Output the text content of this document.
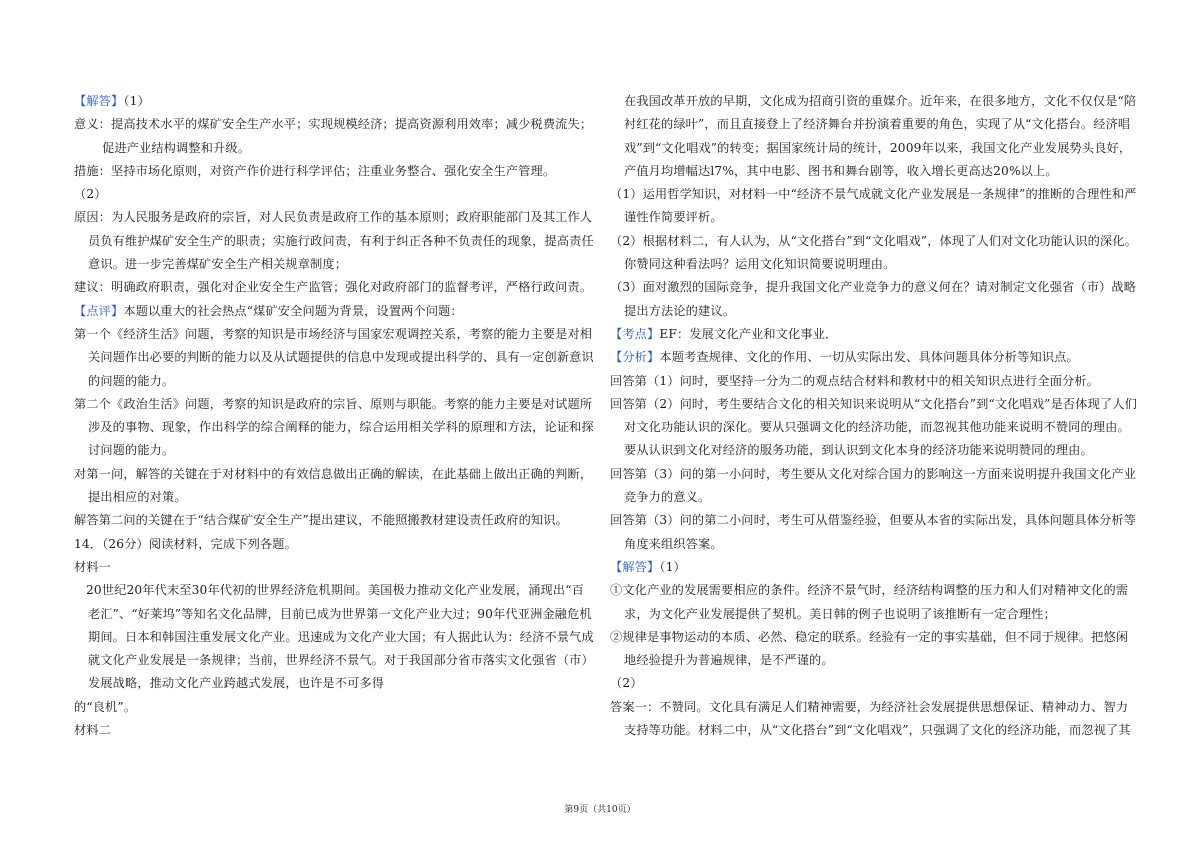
【解答】（1）
意义：提高技术水平的煤矿安全生产水平；实现规模经济；提高资源利用效率；减少税费流失；
促进产业结构调整和升级。
措施：坚持市场化原则，对资产作价进行科学评估；注重业务整合、强化安全生产管理。
（2）
原因：为人民服务是政府的宗旨，对人民负责是政府工作的基本原则；政府职能部门及其工作人
员负有维护煤矿安全生产的职责；实施行政问责，有利于纠正各种不负责任的现象，提高责任
意识。进一步完善煤矿安全生产相关规章制度；
建议：明确政府职责，强化对企业安全生产监管；强化对政府部门的监督考评，严格行政问责。
【点评】本题以重大的社会热点“煤矿安全问题为背景，设置两个问题：
第一个《经济生活》问题，考察的知识是市场经济与国家宏观调控关系，考察的能力主要是对相
关问题作出必要的判断的能力以及从试题提供的信息中发现或提出科学的、具有一定创新意识
的问题的能力。
第二个《政治生活》问题，考察的知识是政府的宗旨、原则与职能。考察的能力主要是对试题所
涉及的事物、现象，作出科学的综合阐释的能力，综合运用相关学科的原理和方法，论证和探
讨问题的能力。
对第一问，解答的关键在于对材料中的有效信息做出正确的解读，在此基础上做出正确的判断，
提出相应的对策。
解答第二问的关键在于“结合煤矿安全生产”提出建议，不能照搬教材建设责任政府的知识。
14．（26分）阅读材料，完成下列各题。
材料一
20世纪20年代末至30年代初的世界经济危机期间。美国极力推动文化产业发展，涌现出“百
老汇”、“好莱坞”等知名文化品牌，目前已成为世界第一文化产业大过；90年代亚洲金融危机
期间。日本和韩国注重发展文化产业。迅速成为文化产业大国；有人据此认为：经济不景气成
就文化产业发展是一条规律；当前，世界经济不景气。对于我国部分省市落实文化强省（市）
发展战略，推动文化产业跨越式发展，也许是不可多得
的“良机”。
材料二
在我国改革开放的早期，文化成为招商引资的重媒介。近年来，在很多地方，文化不仅仅是“陪
衬红花的绿叶”，而且直接登上了经济舞台并扮演着重要的角色，实现了从“文化搭台。经济唱
戏”到“文化唱戏”的转变；据国家统计局的统计，2009年以来，我国文化产业发展势头良好，
产值月均增幅达l7%，其中电影、图书和舞台剧等，收入增长更高达20%以上。
（1）运用哲学知识，对材料一中“经济不景气成就文化产业发展是一条规律”的推断的合理性和严
谨性作简要评析。
（2）根据材料二，有人认为，从“文化搭台”到“文化唱戏”，体现了人们对文化功能认识的深化。
你赞同这种看法吗？运用文化知识简要说明理由。
（3）面对激烈的国际竞争，提升我国文化产业竞争力的意义何在？请对制定文化强省（市）战略
提出方法论的建议。
【考点】EF：发展文化产业和文化事业．
【分析】本题考查规律、文化的作用、一切从实际出发、具体问题具体分析等知识点。
回答第（1）问时，要坚持一分为二的观点结合材料和教材中的相关知识点进行全面分析。
回答第（2）问时，考生要结合文化的相关知识来说明从“文化搭台”到“文化唱戏”是否体现了人们
对文化功能认识的深化。要从只强调文化的经济功能，而忽视其他功能来说明不赞同的理由。
要从认识到文化对经济的服务功能，到认识到文化本身的经济功能来说明赞同的理由。
回答第（3）问的第一小问时，考生要从文化对综合国力的影响这一方面来说明提升我国文化产业
竞争力的意义。
回答第（3）问的第二小问时，考生可从借鉴经验，但要从本省的实际出发，具体问题具体分析等
角度来组织答案。
【解答】（1）
①文化产业的发展需要相应的条件。经济不景气时，经济结构调整的压力和人们对精神文化的需
求，为文化产业发展提供了契机。美日韩的例子也说明了该推断有一定合理性；
②规律是事物运动的本质、必然、稳定的联系。经验有一定的事实基础，但不同于规律。把悠闲
地经验提升为普遍规律，是不严谨的。
（2）
答案一：不赞同。文化具有满足人们精神需要，为经济社会发展提供思想保证、精神动力、智力
支持等功能。材料二中，从“文化搭台”到“文化唱戏”，只强调了文化的经济功能，而忽视了其
第9页（共10页）
